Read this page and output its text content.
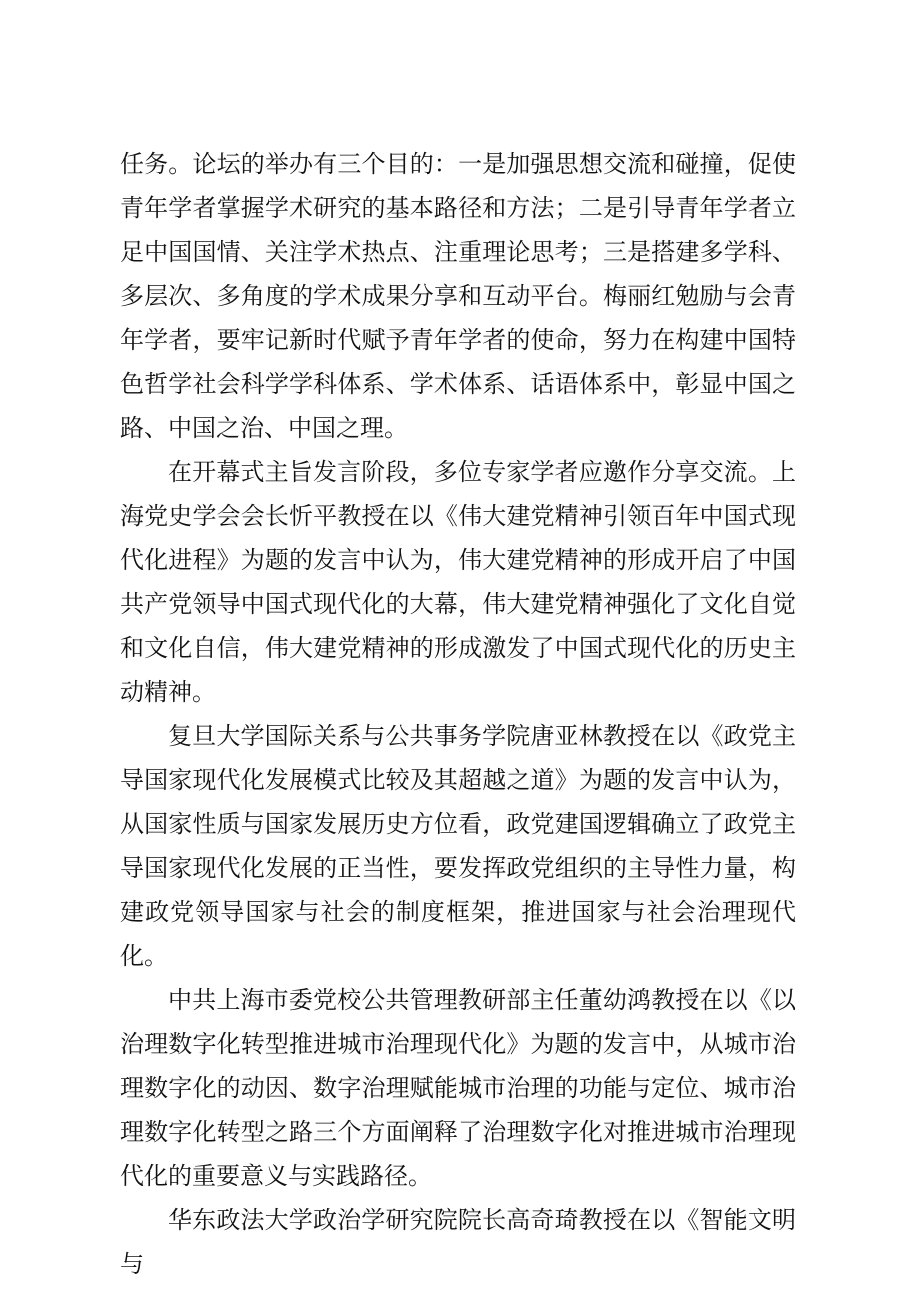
任务。论坛的举办有三个目的：一是加强思想交流和碰撞，促使青年学者掌握学术研究的基本路径和方法；二是引导青年学者立足中国国情、关注学术热点、注重理论思考；三是搭建多学科、多层次、多角度的学术成果分享和互动平台。梅丽红勉励与会青年学者，要牢记新时代赋予青年学者的使命，努力在构建中国特色哲学社会科学学科体系、学术体系、话语体系中，彰显中国之路、中国之治、中国之理。

在开幕式主旨发言阶段，多位专家学者应邀作分享交流。上海党史学会会长忻平教授在以《伟大建党精神引领百年中国式现代化进程》为题的发言中认为，伟大建党精神的形成开启了中国共产党领导中国式现代化的大幕，伟大建党精神强化了文化自觉和文化自信，伟大建党精神的形成激发了中国式现代化的历史主动精神。

复旦大学国际关系与公共事务学院唐亚林教授在以《政党主导国家现代化发展模式比较及其超越之道》为题的发言中认为，从国家性质与国家发展历史方位看，政党建国逻辑确立了政党主导国家现代化发展的正当性，要发挥政党组织的主导性力量，构建政党领导国家与社会的制度框架，推进国家与社会治理现代化。

中共上海市委党校公共管理教研部主任董幼鸿教授在以《以治理数字化转型推进城市治理现代化》为题的发言中，从城市治理数字化的动因、数字治理赋能城市治理的功能与定位、城市治理数字化转型之路三个方面阐释了治理数字化对推进城市治理现代化的重要意义与实践路径。

华东政法大学政治学研究院院长高奇琦教授在以《智能文明与
